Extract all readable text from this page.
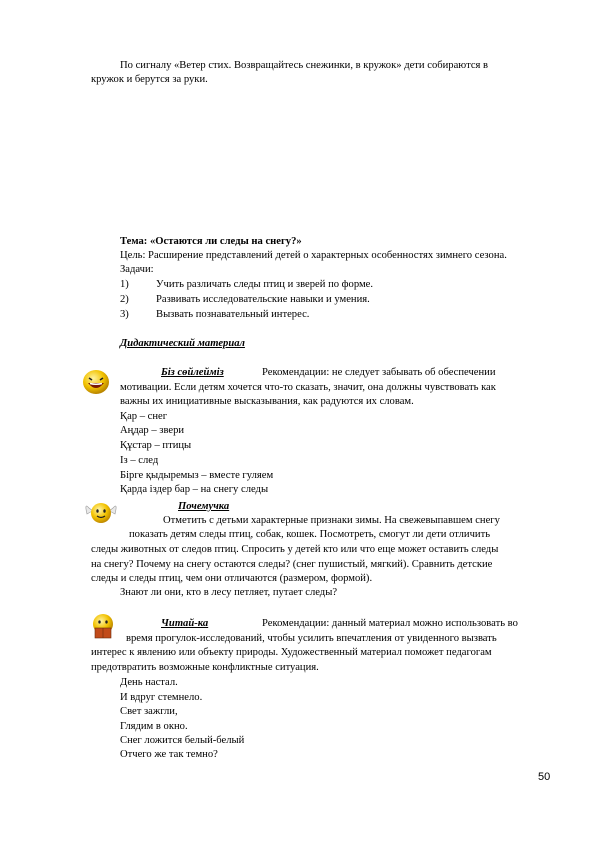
По сигналу «Ветер стих. Возвращайтесь снежинки, в кружок» дети собираются в
кружок и берутся за руки.
Тема: «Остаются ли следы на снегу?»
Цель: Расширение представлений детей о характерных особенностях зимнего сезона.
Задачи:
1)	Учить различать следы птиц и зверей по форме.
2)	Развивать исследовательские навыки и умения.
3)	Вызвать познавательный интерес.
Дидактический материал
Біз сөйлейміз	Рекомендации: не следует забывать об обеспечении
мотивации. Если детям хочется что-то сказать, значит, она должны чувствовать как
важны их инициативные высказывания, как радуются их словам.
Қар – снег
Аңдар – звери
Құстар – птицы
Із – след
Бірге қыдыремыз – вместе гуляем
Қарда іздер бар – на снегу следы
Почемучка
Отметить с детьми характерные признаки зимы. На свежевыпавшем снегу
показать детям следы птиц, собак, кошек. Посмотреть, смогут ли дети отличить
следы животных от следов птиц. Спросить у детей кто или что еще может оставить следы
на снегу? Почему на снегу остаются следы? (снег пушистый, мягкий). Сравнить детские
следы и следы птиц, чем они отличаются (размером, формой).
Знают ли они, кто в лесу петляет, путает следы?
Читай-ка	Рекомендации: данный материал можно использовать во
время прогулок-исследований, чтобы усилить впечатления от увиденного вызвать
интерес к явлению или объекту природы. Художественный материал поможет педагогам
предотвратить возможные конфликтные ситуация.
День настал.
И вдруг стемнело.
Свет зажгли,
Глядим в окно.
Снег ложится белый-белый
Отчего же так темно?
50
